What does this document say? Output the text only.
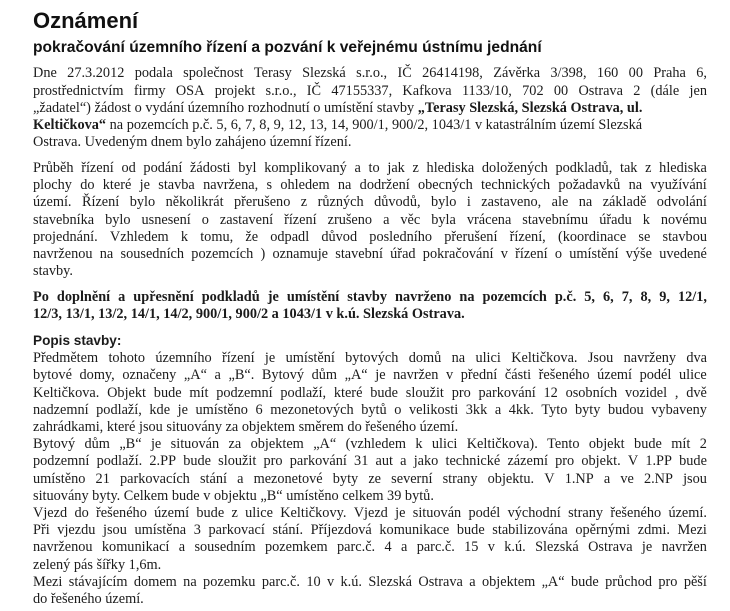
Oznámení
pokračování územního řízení a pozvání k veřejnému ústnímu jednání
Dne 27.3.2012 podala společnost Terasy Slezská s.r.o., IČ 26414198, Závěrka 3/398, 160 00 Praha 6,
prostřednictvím firmy OSA projekt s.r.o., IČ 47155337, Kafkova 1133/10, 702 00 Ostrava 2 (dále jen
„žadatel“) žádost o vydání územního rozhodnutí o umístění stavby „Terasy Slezská, Slezská Ostrava, ul.
Keltičkova“ na pozemcích p.č. 5, 6, 7, 8, 9, 12, 13, 14, 900/1, 900/2, 1043/1 v katastrálním území Slezská
Ostrava. Uvedeným dnem bylo zahájeno územní řízení.
Průběh řízení od podání žádosti byl komplikovaný a to jak z hlediska doložených podkladů, tak z hlediska
plochy do které je stavba navržena, s ohledem na dodržení obecných technických požadavků na využívání
území. Řízení bylo několikrát přerušeno z různých důvodů, bylo i zastaveno, ale na základě odvolání
stavebníka bylo usnesení o zastavení řízení zrušeno a věc byla vrácena stavebnímu úřadu k novému
projednání. Vzhledem k tomu, že odpadl důvod posledního přerušení řízení, (koordinace se stavbou
navrženou na sousedních pozemcích ) oznamuje stavební úřad pokračování v řízení o umístění výše uvedené
stavby.
Po doplnění a upřesnění podkladů je umístění stavby navrženo na pozemcích p.č. 5, 6, 7, 8, 9, 12/1,
12/3, 13/1, 13/2, 14/1, 14/2, 900/1, 900/2 a 1043/1 v k.ú. Slezská Ostrava.
Popis stavby:
Předmětem tohoto územního řízení je umístění bytových domů na ulici Keltičkova. Jsou navrženy dva
bytové domy, označeny „A“ a „B“. Bytový dům „A“ je navržen v přední části řešeného území podél ulice
Keltičkova. Objekt bude mít podzemní podlaží, které bude sloužit pro parkování 12 osobních vozidel , dvě
nadzemní podlaží, kde je umístěno 6 mezonetových bytů o velikosti 3kk a 4kk. Tyto byty budou vybaveny
zahrádkami, které jsou situovány za objektem směrem do řešeného území.
Bytový dům „B“ je situován za objektem „A“ (vzhledem k ulici Keltičkova). Tento objekt bude mít 2
podzemní podlaží. 2.PP bude sloužit pro parkování 31 aut a jako technické zázemí pro objekt. V 1.PP bude
umístěno 21 parkovacích stání a mezonetové byty ze severní strany objektu. V 1.NP a ve 2.NP jsou
situovány byty. Celkem bude v objektu „B“ umístěno celkem 39 bytů.
Vjezd do řešeného území bude z ulice Keltičkovy. Vjezd je situován podél východní strany řešeného území.
Při vjezdu jsou umístěna 3 parkovací stání. Příjezdová komunikace bude stabilizována opěrnými zdmi. Mezi
navrženou komunikací a sousedním pozemkem parc.č. 4 a parc.č. 15 v k.ú. Slezská Ostrava je navržen
zelený pás šířky 1,6m.
Mezi stávajícím domem na pozemku parc.č. 10 v k.ú. Slezská Ostrava a objektem „A“ bude průchod pro pěší
do řešeného území.
